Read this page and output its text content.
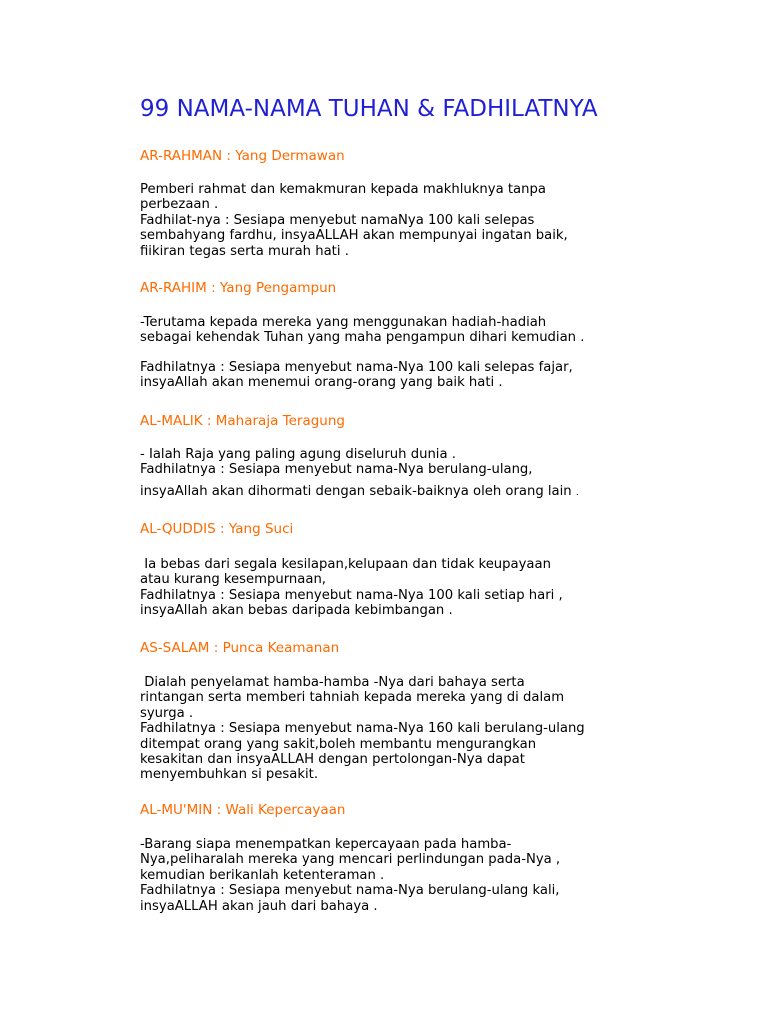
99 NAMA-NAMA TUHAN & FADHILATNYA
AR-RAHMAN : Yang Dermawan

Pemberi rahmat dan kemakmuran kepada makhluknya tanpa
perbezaan .
Fadhilat-nya : Sesiapa menyebut namaNya 100 kali selepas
sembahyang fardhu, insyaALLAH akan mempunyai ingatan baik,
fiikiran tegas serta murah hati .

AR-RAHIM : Yang Pengampun

-Terutama kepada mereka yang menggunakan hadiah-hadiah
sebagai kehendak Tuhan yang maha pengampun dihari kemudian .

Fadhilatnya : Sesiapa menyebut nama-Nya 100 kali selepas fajar,
insyaAllah akan menemui orang-orang yang baik hati .

AL-MALIK : Maharaja Teragung

- Ialah Raja yang paling agung diseluruh dunia .
Fadhilatnya : Sesiapa menyebut nama-Nya berulang-ulang,

insyaAllah akan dihormati dengan sebaik-baiknya oleh orang lain .

AL-QUDDIS : Yang Suci

Ia bebas dari segala kesilapan,kelupaan dan tidak keupayaan
atau kurang kesempurnaan,
Fadhilatnya : Sesiapa menyebut nama-Nya 100 kali setiap hari ,
insyaAllah akan bebas daripada kebimbangan .

AS-SALAM : Punca Keamanan

Dialah penyelamat hamba-hamba -Nya dari bahaya serta
rintangan serta memberi tahniah kepada mereka yang di dalam
syurga .
Fadhilatnya : Sesiapa menyebut nama-Nya 160 kali berulang-ulang
ditempat orang yang sakit,boleh membantu mengurangkan
kesakitan dan insyaALLAH dengan pertolongan-Nya dapat
menyembuhkan si pesakit.

AL-MU'MIN : Wali Kepercayaan

-Barang siapa menempatkan kepercayaan pada hamba-
Nya,peliharalah mereka yang mencari perlindungan pada-Nya ,
kemudian berikanlah ketenteraman .
Fadhilatnya : Sesiapa menyebut nama-Nya berulang-ulang kali,
insyaALLAH akan jauh dari bahaya .
